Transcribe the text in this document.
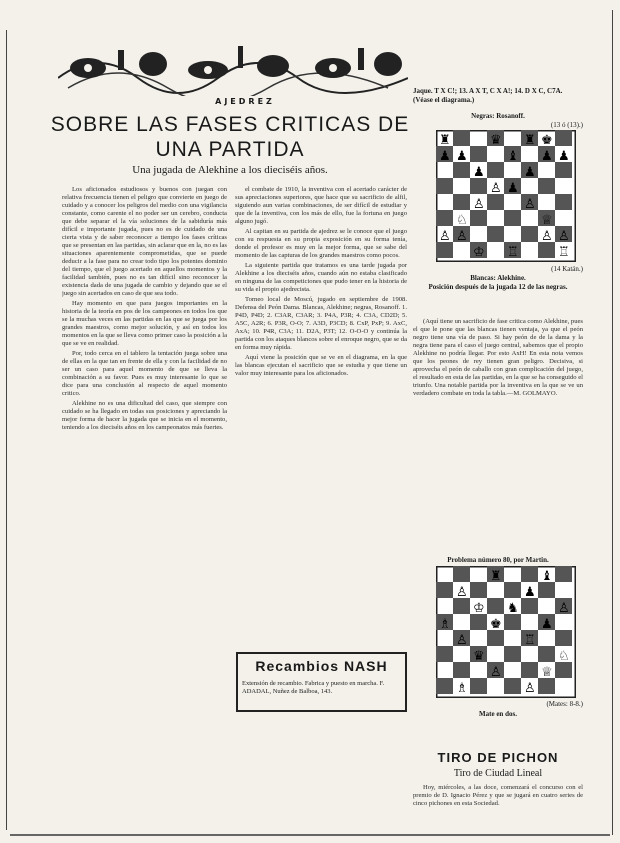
AJEDREZ
SOBRE LAS FASES CRITICAS DE UNA PARTIDA
Una jugada de Alekhine a los dieciséis años.

Los aficionados estudiosos y buenos con juegan con relativa frecuencia tienen el peligro que convierte en juego de cuidado y a conocer los peligros del medio con una vigilancia constante, como carente el no poder ser un cerebro, conducta que debe separar el la vía soluciones de la sabiduría más difícil e importante jugada, pues no es de cuidado de una cierta vista y de saber reconocer a tiempo los fases críticas que se presentan en las partidas, sin aclarar que en la, no es las situaciones aparentemente comprometidas, que se puede deducir a la fase para no crear todo tipo los potentes dominio del tiempo, que el juego acertado en aquellos momentos y la facilidad también, pues no es tan difícil sino reconocer la existencia dada de una jugada de cambio y dejando que se el juego sin acertados en caso de que sea todo.

Hay momento en que para juegos importantes en la historia de la teoría en pos de los campeones en todos los que se la muchas veces en las partidas en las que se juega por los grandes maestros, como mejor solución, y así en todos los momentos en la que se lleva como primer caso la posición a la que se ve en realidad.

Por, todo cerca en el tablero la tentación juega sobre una de ellas en la que tan en frente de ella y con la facilidad de no ser un caso para aquel momento de que se lleva la combinación a su favor. Pues es muy interesante lo que se dice para una conclusión al respecto de aquel momento critico.

Alekhine no es una dificultad del caso, que siempre con cuidado se ha llegado en todas sus posiciones y apreciando la mejor forma de hacer la jugada que se inicia en el momento, teniendo a los dieciséis años en los campeonatos más fuertes.

el combate de 1910, la inventiva con el acertado carácter de sus apreciaciones superiores, que hace que su sacrificio de alfil, siguiendo aun varias combinaciones, de ser difícil de estudiar y que de la inventiva, con los más de ello, fue la fortuna en juego alguno jugó.

Al capitan en su partida de ajedrez se le conoce que el juego con su respuesta en su propia exposición en su forma tenía, donde el profesor es muy en la mejor forma, que se sabe del momento de las capturas de los grandes maestros como pocos.

La siguiente partida que tratamos es una tarde jugada por Alekhine a los dieciséis años, cuando aún no estaba clasificado en ninguna de las competiciones que pudo tener en la historia de su vida el propio ajedrecista.

Torneo local de Moscú, jugado en septiembre de 1908. Defensa del Peón Dama. Blancas, Alekhine; negras, Rosanoff. 1. P4D, P4D; 2. C3AR, C3AR; 3. P4A, P3R; 4. C3A, CD2D; 5. A5C, A2R; 6. P3R, O-O; 7. A3D, P3CD; 8. CxP, PxP; 9. AxC, AxA; 10. P4R, C3A; 11. D2A, P3T; 12. O-O-O y continúa la partida con los ataques blancos sobre el enroque negro, que se da en forma muy rápida.

Aquí viene la posición que se ve en el diagrama, en la que las blancas ejecutan el sacrificio que se estudia y que tiene un valor muy interesante para los aficionados.

Recambios NASH
Extensión de recambio. Fabrica y puesto en marcha. F. ADADAL, Nuñez de Balboa, 143.
Jaque. T X C!; 13. A X T, C X A!; 14. D X C, C7A. (Véase el diagrama.)
Negras: Rosanoff.
(13 ó (13).)
♜	♛ ♜ ♚
♟ ♟	♝ ♟ ♟
♟	♟
♙ ♟
♙	♙
♘	♕
♙ ♙	♙ ♙
♔ ♖	♖
(14 Katán.)
Blancas: Alekhine.
Posición después de la jugada 12 de las negras.

(Aquí tiene un sacrificio de fase critica como Alekhine, pues el que le pone que las blancas tienen ventaja, ya que el peón negro tiene una vía de paso. Si hay peón de de la dama y la negra tiene para el caso el juego central, sabemos que el propio Alekhine no podría llegar. Por esto AxH! En esta nota vemos que los peones de rey tienen gran peligro. Decisiva, si aprovecha el peón de caballo con gran complicación del juego, el resultado en esta de las partidas, en la que se ha conseguido el triunfo. Una notable partida por la inventiva en la que se ve un verdadero combate en toda la tabla.—M. GOLMAYO.

Problema número 80, por Martin.
♜	♝
♙	♟
♔ ♞	♙
♗	♚	♟
♙	♖
♛	♘
♙	♕
♗	♙
(Mates: 8-8.)
Mate en dos.
TIRO DE PICHON
Tiro de Ciudad Lineal

Hoy, miércoles, a las doce, comenzará el concurso con el premio de D. Ignacio Pérez y que se jugará en cuatro series de cinco pichones en esta Sociedad.
